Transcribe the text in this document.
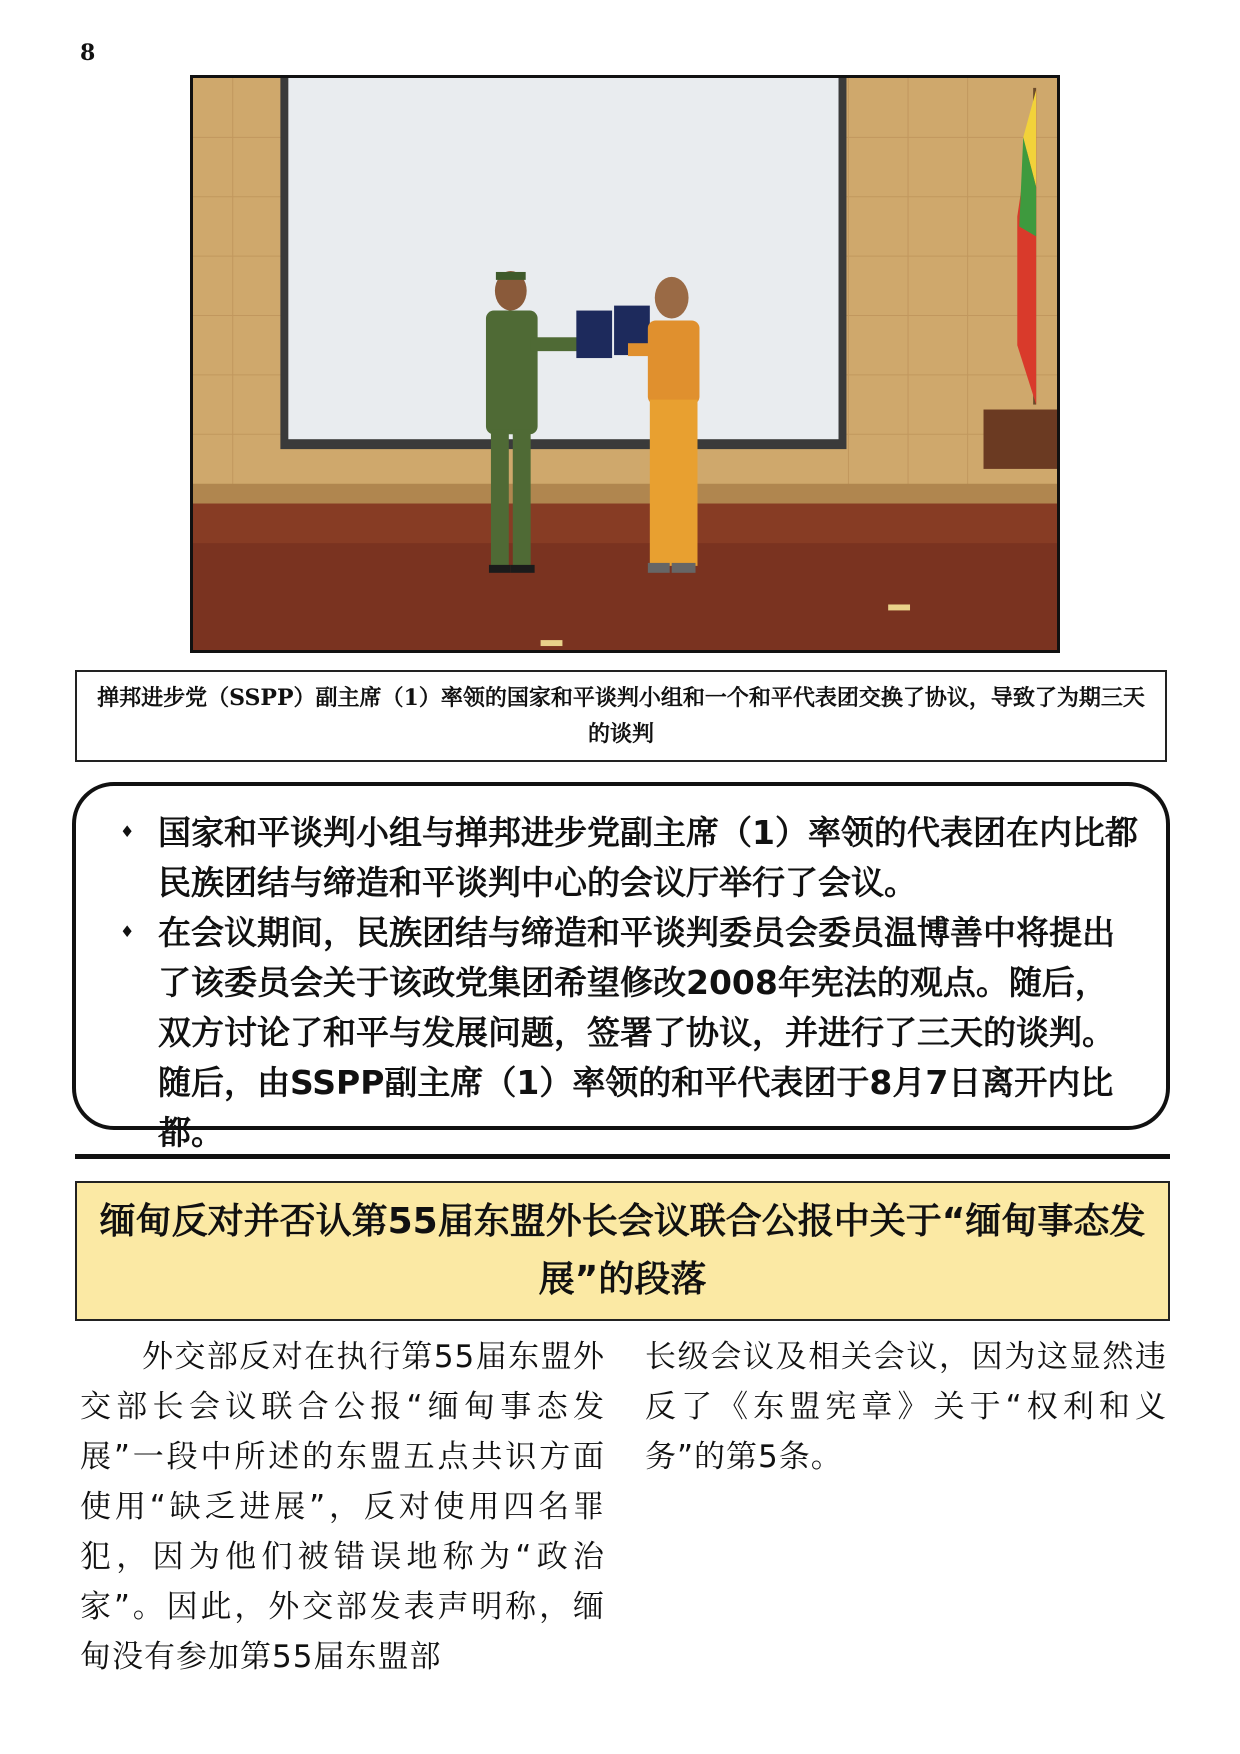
8
掸邦进步党（SSPP）副主席（1）率领的国家和平谈判小组和一个和平代表团交换了协议，导致了为期三天的谈判
♦ 国家和平谈判小组与掸邦进步党副主席（1）率领的代表团在内比都民族团结与缔造和平谈判中心的会议厅举行了会议。
♦ 在会议期间，民族团结与缔造和平谈判委员会委员温博善中将提出了该委员会关于该政党集团希望修改2008年宪法的观点。随后，双方讨论了和平与发展问题，签署了协议，并进行了三天的谈判。随后，由SSPP副主席（1）率领的和平代表团于8月7日离开内比都。
缅甸反对并否认第55届东盟外长会议联合公报中关于“缅甸事态发展”的段落
外交部反对在执行第55届东盟外交部长会议联合公报“缅甸事态发展”一段中所述的东盟五点共识方面使用“缺乏进展”，反对使用四名罪犯，因为他们被错误地称为“政治家”。因此，外交部发表声明称，缅甸没有参加第55届东盟部
长级会议及相关会议，因为这显然违反了《东盟宪章》关于“权利和义务”的第5条。
